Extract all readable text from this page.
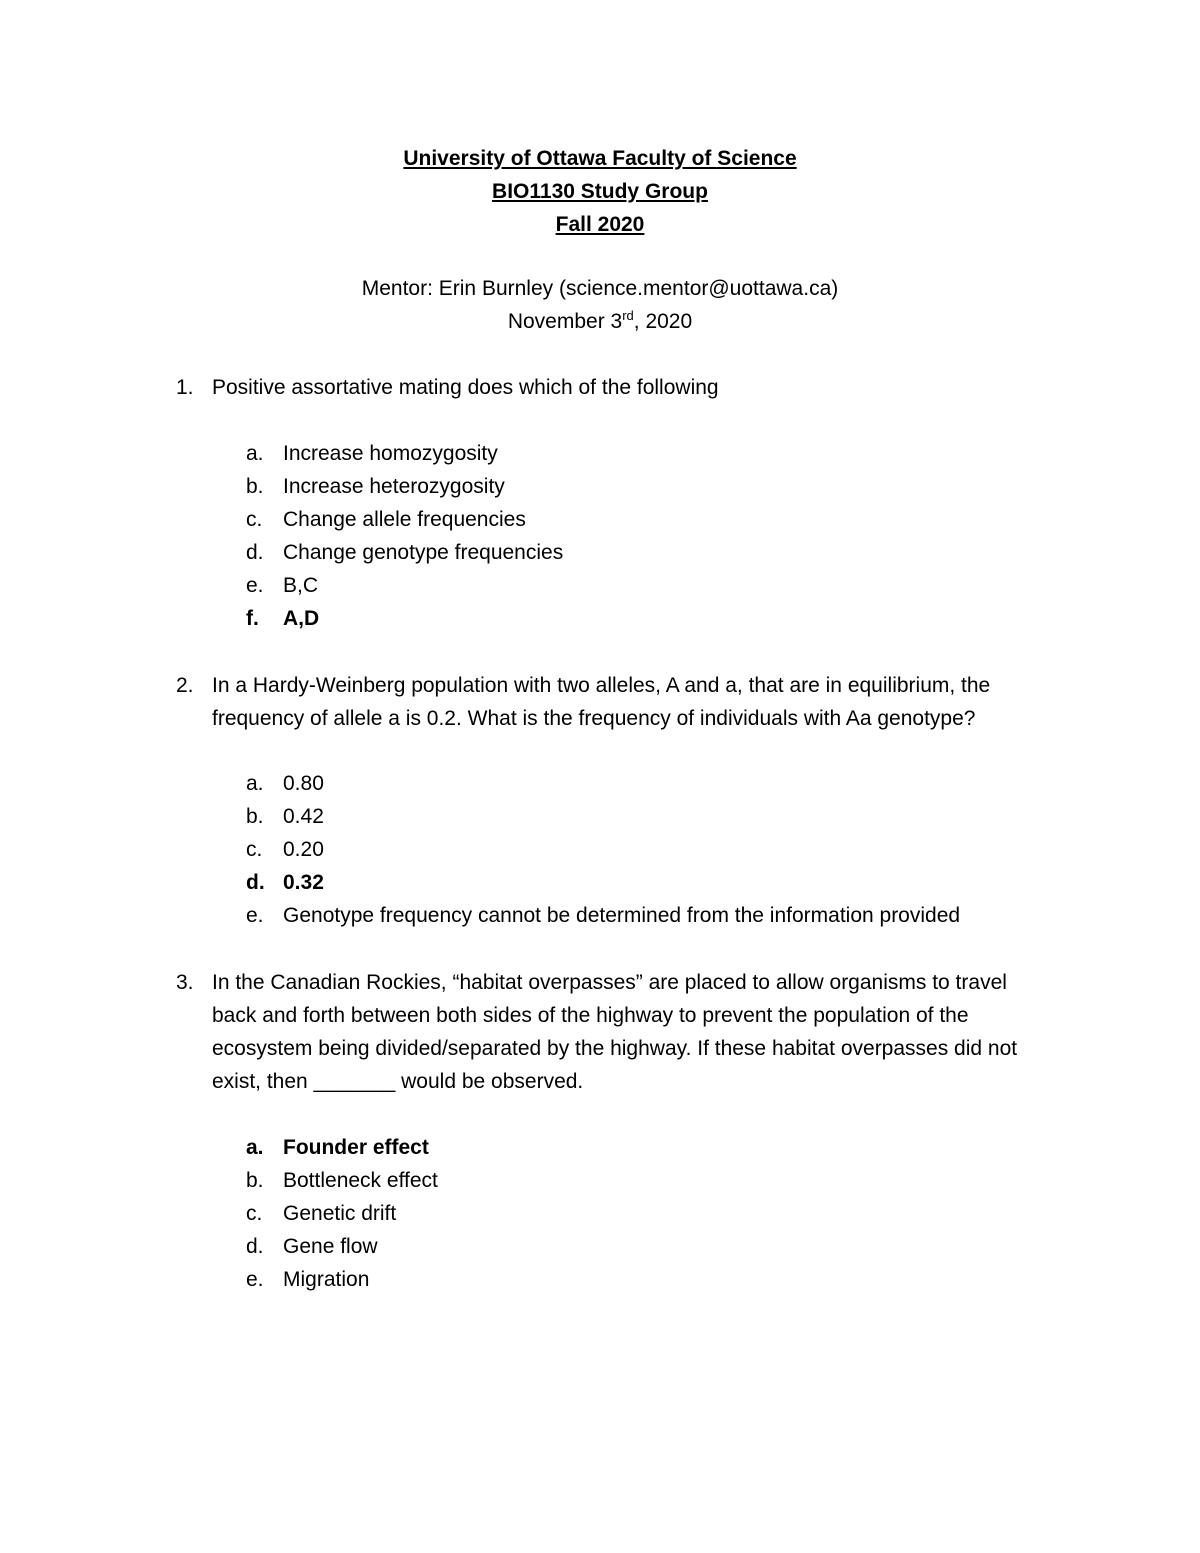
University of Ottawa Faculty of Science
BIO1130 Study Group
Fall 2020
Mentor: Erin Burnley (science.mentor@uottawa.ca)
November 3rd, 2020
1. Positive assortative mating does which of the following
a. Increase homozygosity
b. Increase heterozygosity
c. Change allele frequencies
d. Change genotype frequencies
e. B,C
f. A,D
2. In a Hardy-Weinberg population with two alleles, A and a, that are in equilibrium, the
frequency of allele a is 0.2. What is the frequency of individuals with Aa genotype?
a. 0.80
b. 0.42
c. 0.20
d. 0.32
e. Genotype frequency cannot be determined from the information provided
3. In the Canadian Rockies, “habitat overpasses” are placed to allow organisms to travel
back and forth between both sides of the highway to prevent the population of the
ecosystem being divided/separated by the highway. If these habitat overpasses did not
exist, then _______ would be observed.
a. Founder effect
b. Bottleneck effect
c. Genetic drift
d. Gene flow
e. Migration
